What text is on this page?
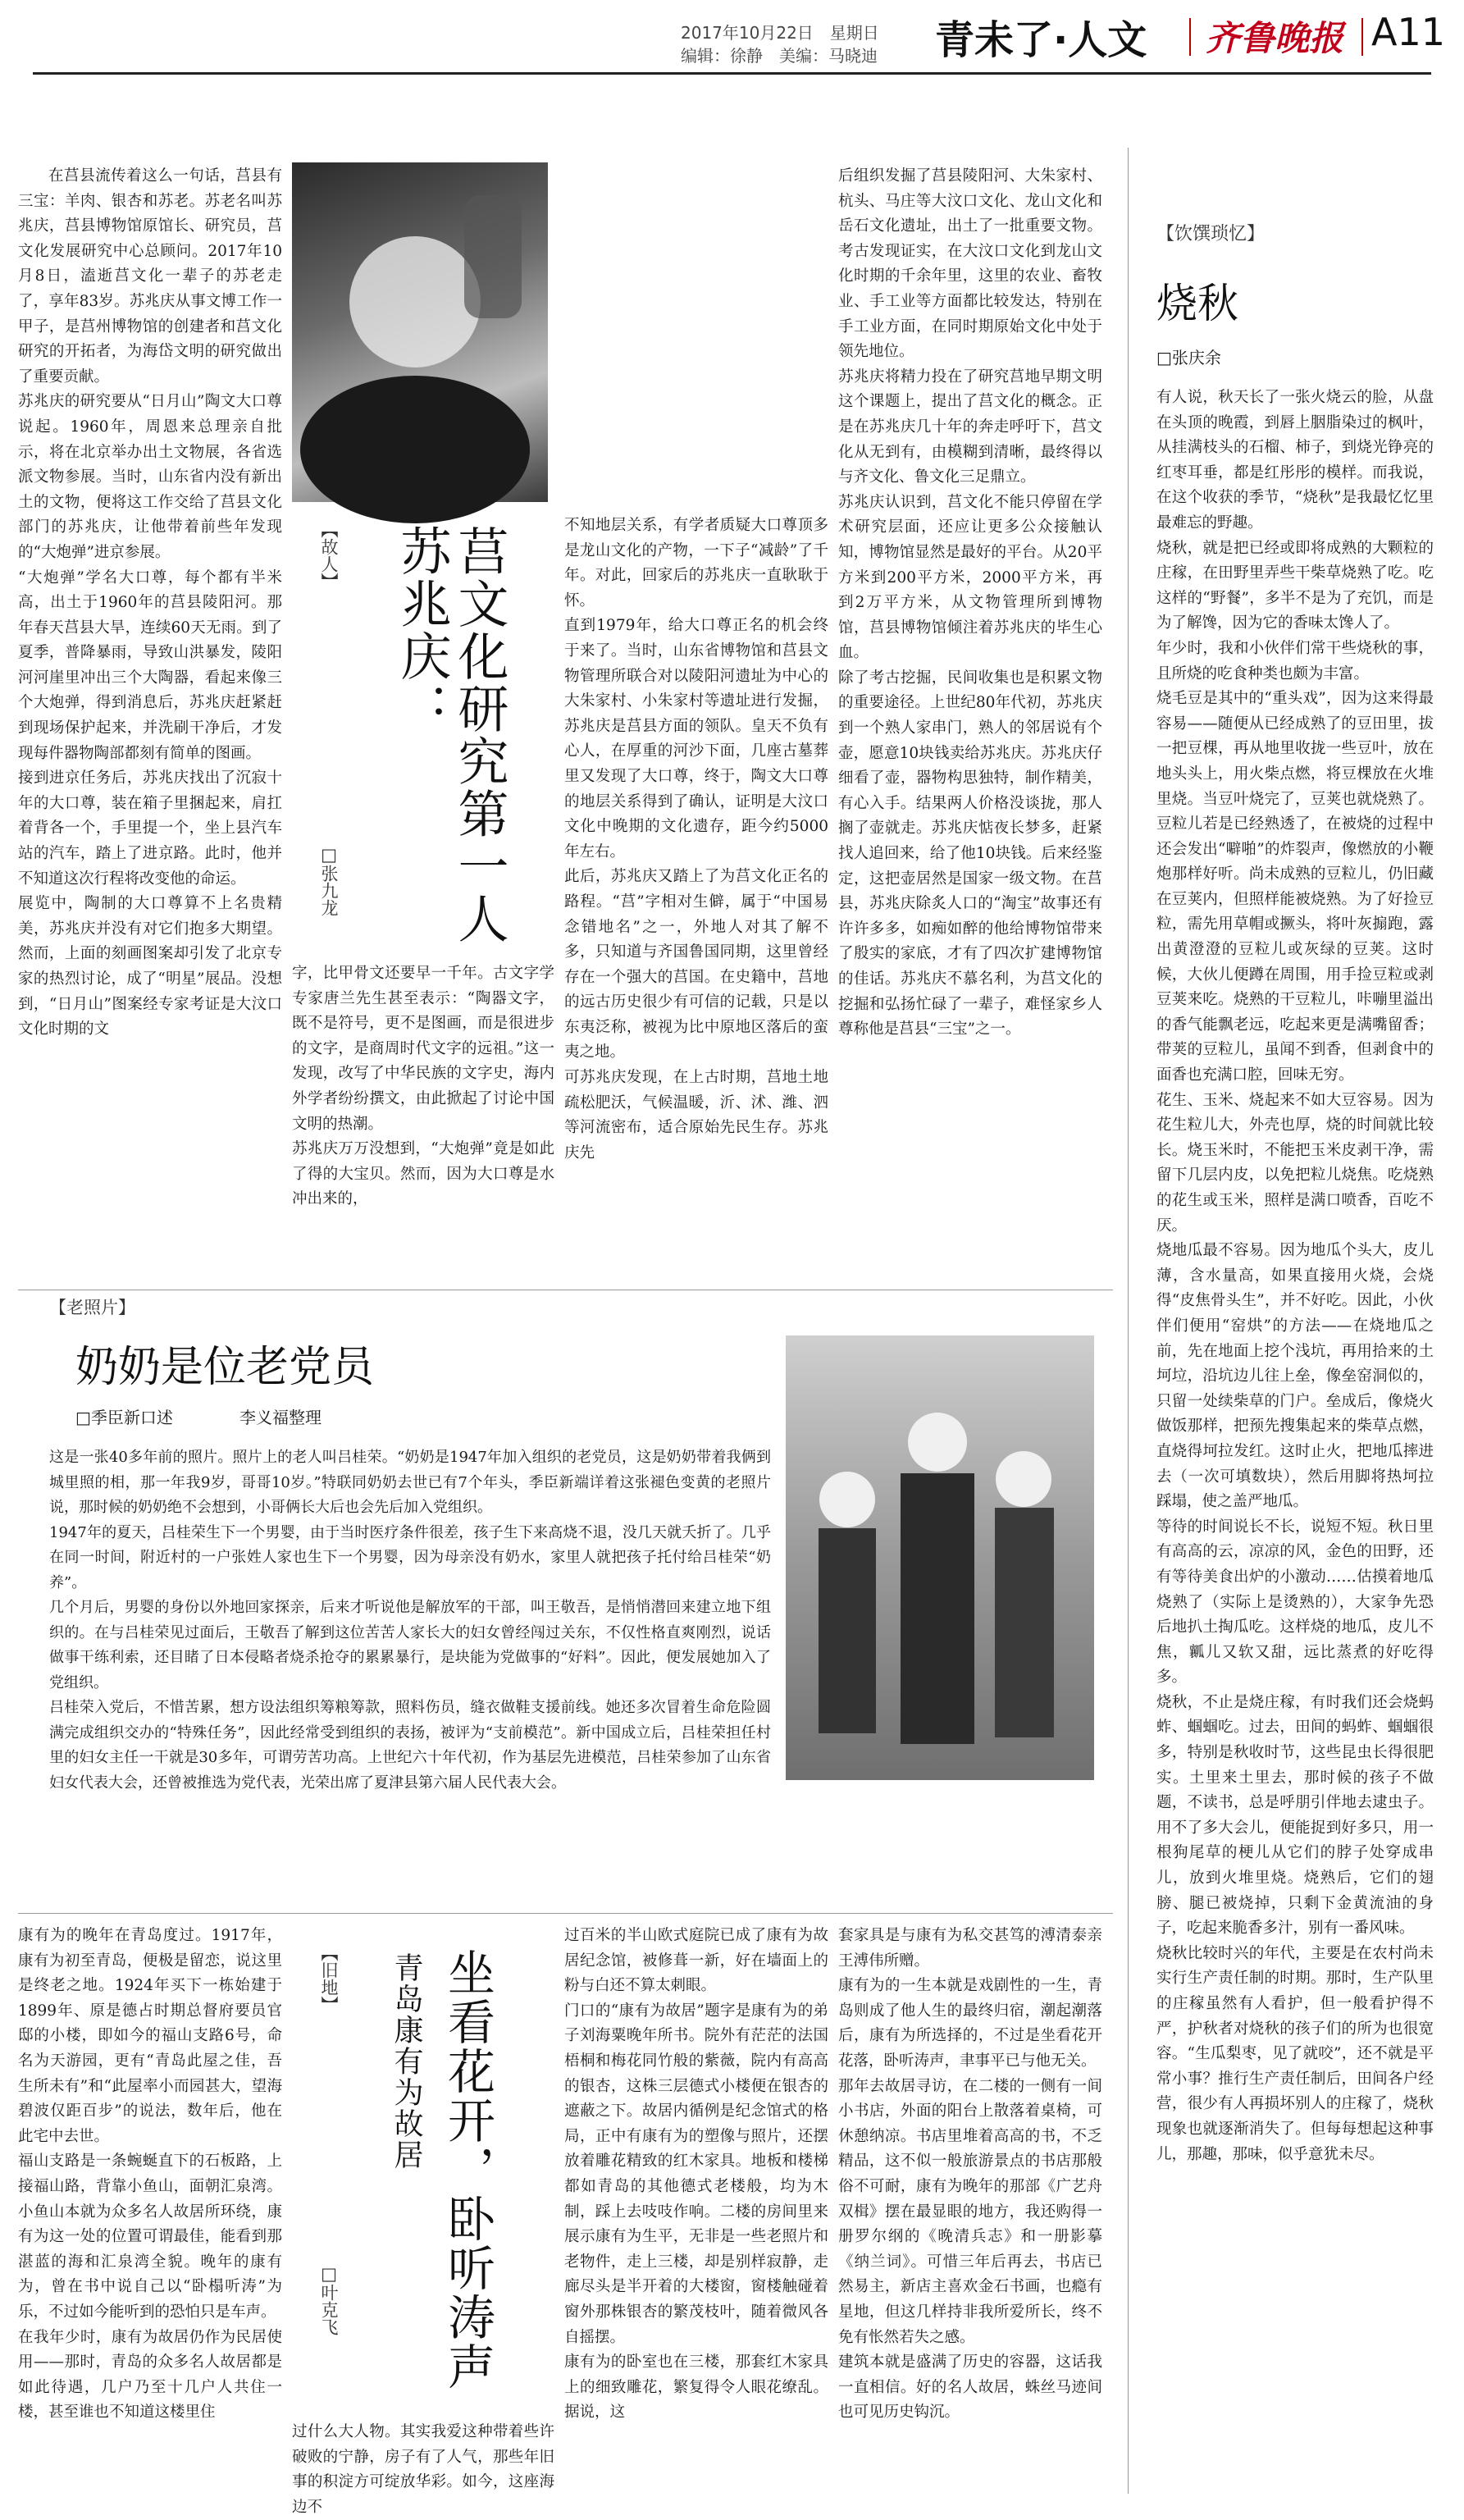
2017年10月22日　星期日
编辑：徐静　美编：马晓迪 青未了·人文 齐鲁晚报 A11
在莒县流传着这么一句话，莒县有三宝：羊肉、银杏和苏老。苏老名叫苏兆庆，莒县博物馆原馆长、研究员，莒文化发展研究中心总顾问。2017年10月8日，溘逝莒文化一辈子的苏老走了，享年83岁。苏兆庆从事文博工作一甲子，是莒州博物馆的创建者和莒文化研究的开拓者，为海岱文明的研究做出了重要贡献。
苏兆庆的研究要从“日月山”陶文大口尊说起。1960年，周恩来总理亲自批示，将在北京举办出土文物展，各省选派文物参展。当时，山东省内没有新出土的文物，便将这工作交给了莒县文化部门的苏兆庆，让他带着前些年发现的“大炮弹”进京参展。
“大炮弹”学名大口尊，每个都有半米高，出土于1960年的莒县陵阳河。那年春天莒县大旱，连续60天无雨。到了夏季，普降暴雨，导致山洪暴发，陵阳河河崖里冲出三个大陶器，看起来像三个大炮弹，得到消息后，苏兆庆赶紧赶到现场保护起来，并洗刷干净后，才发现每件器物陶部都刻有简单的图画。
接到进京任务后，苏兆庆找出了沉寂十年的大口尊，装在箱子里捆起来，肩扛着背各一个，手里提一个，坐上县汽车站的汽车，踏上了进京路。此时，他并不知道这次行程将改变他的命运。
展览中，陶制的大口尊算不上名贵精美，苏兆庆并没有对它们抱多大期望。然而，上面的刻画图案却引发了北京专家的热烈讨论，成了“明星”展品。没想到，“日月山”图案经专家考证是大汶口文化时期的文
【故人】 莒文化研究第一人
苏兆庆：
□张九龙
字，比甲骨文还要早一千年。古文字学专家唐兰先生甚至表示：“陶器文字，既不是符号，更不是图画，而是很进步的文字，是商周时代文字的远祖。”这一发现，改写了中华民族的文字史，海内外学者纷纷撰文，由此掀起了讨论中国文明的热潮。
苏兆庆万万没想到，“大炮弹”竟是如此了得的大宝贝。然而，因为大口尊是水冲出来的，
不知地层关系，有学者质疑大口尊顶多是龙山文化的产物，一下子“减龄”了千年。对此，回家后的苏兆庆一直耿耿于怀。
直到1979年，给大口尊正名的机会终于来了。当时，山东省博物馆和莒县文物管理所联合对以陵阳河遗址为中心的大朱家村、小朱家村等遗址进行发掘，苏兆庆是莒县方面的领队。皇天不负有心人，在厚重的河沙下面，几座古墓葬里又发现了大口尊，终于，陶文大口尊的地层关系得到了确认，证明是大汶口文化中晚期的文化遗存，距今约5000年左右。
此后，苏兆庆又踏上了为莒文化正名的路程。“莒”字相对生僻，属于“中国易念错地名”之一，外地人对其了解不多，只知道与齐国鲁国同期，这里曾经存在一个强大的莒国。在史籍中，莒地的远古历史很少有可信的记载，只是以东夷泛称，被视为比中原地区落后的蛮夷之地。
可苏兆庆发现，在上古时期，莒地土地疏松肥沃，气候温暖，沂、沭、潍、泗等河流密布，适合原始先民生存。苏兆庆先
后组织发掘了莒县陵阳河、大朱家村、杭头、马庄等大汶口文化、龙山文化和岳石文化遗址，出土了一批重要文物。考古发现证实，在大汶口文化到龙山文化时期的千余年里，这里的农业、畜牧业、手工业等方面都比较发达，特别在手工业方面，在同时期原始文化中处于领先地位。
苏兆庆将精力投在了研究莒地早期文明这个课题上，提出了莒文化的概念。正是在苏兆庆几十年的奔走呼吁下，莒文化从无到有，由模糊到清晰，最终得以与齐文化、鲁文化三足鼎立。
苏兆庆认识到，莒文化不能只停留在学术研究层面，还应让更多公众接触认知，博物馆显然是最好的平台。从20平方米到200平方米，2000平方米，再到2万平方米，从文物管理所到博物馆，莒县博物馆倾注着苏兆庆的毕生心血。
除了考古挖掘，民间收集也是积累文物的重要途径。上世纪80年代初，苏兆庆到一个熟人家串门，熟人的邻居说有个壶，愿意10块钱卖给苏兆庆。苏兆庆仔细看了壶，器物构思独特，制作精美，有心入手。结果两人价格没谈拢，那人搁了壶就走。苏兆庆惦夜长梦多，赶紧找人追回来，给了他10块钱。后来经鉴定，这把壶居然是国家一级文物。在莒县，苏兆庆除炙人口的“淘宝”故事还有许许多多，如痴如醉的他给博物馆带来了殷实的家底，才有了四次扩建博物馆的佳话。苏兆庆不慕名利，为莒文化的挖掘和弘扬忙碌了一辈子，难怪家乡人尊称他是莒县“三宝”之一。
【老照片】
奶奶是位老党员
□季臣新口述	李义福整理
这是一张40多年前的照片。照片上的老人叫吕桂荣。“奶奶是1947年加入组织的老党员，这是奶奶带着我俩到城里照的相，那一年我9岁，哥哥10岁。”特联同奶奶去世已有7个年头，季臣新端详着这张褪色变黄的老照片说，那时候的奶奶绝不会想到，小哥俩长大后也会先后加入党组织。
1947年的夏天，吕桂荣生下一个男婴，由于当时医疗条件很差，孩子生下来高烧不退，没几天就夭折了。几乎在同一时间，附近村的一户张姓人家也生下一个男婴，因为母亲没有奶水，家里人就把孩子托付给吕桂荣“奶养”。
几个月后，男婴的身份以外地回家探亲，后来才听说他是解放军的干部，叫王敬吾，是悄悄潜回来建立地下组织的。在与吕桂荣见过面后，王敬吾了解到这位苦苦人家长大的妇女曾经闯过关东，不仅性格直爽刚烈，说话做事干练利索，还目睹了日本侵略者烧杀抢夺的累累暴行，是块能为党做事的“好料”。因此，便发展她加入了党组织。
吕桂荣入党后，不惜苦累，想方设法组织筹粮筹款，照料伤员，缝衣做鞋支援前线。她还多次冒着生命危险圆满完成组织交办的“特殊任务”，因此经常受到组织的表扬，被评为“支前模范”。新中国成立后，吕桂荣担任村里的妇女主任一干就是30多年，可谓劳苦功高。上世纪六十年代初，作为基层先进模范，吕桂荣参加了山东省妇女代表大会，还曾被推选为党代表，光荣出席了夏津县第六届人民代表大会。
康有为的晚年在青岛度过。1917年，康有为初至青岛，便极是留恋，说这里是终老之地。1924年买下一栋始建于1899年、原是德占时期总督府要员官邸的小楼，即如今的福山支路6号，命名为天游园，更有“青岛此屋之佳，吾生所未有”和“此屋率小而园甚大，望海碧波仅距百步”的说法，数年后，他在此宅中去世。
福山支路是一条蜿蜒直下的石板路，上接福山路，背靠小鱼山，面朝汇泉湾。小鱼山本就为众多名人故居所环绕，康有为这一处的位置可谓最佳，能看到那湛蓝的海和汇泉湾全貌。晚年的康有为，曾在书中说自己以“卧榻听涛”为乐，不过如今能听到的恐怕只是车声。
在我年少时，康有为故居仍作为民居使用——那时，青岛的众多名人故居都是如此待遇，几户乃至十几户人共住一楼，甚至谁也不知道这楼里住
【旧地】 坐看花开，卧听涛声
青岛康有为故居
□叶克飞
过什么大人物。其实我爱这种带着些许破败的宁静，房子有了人气，那些年旧事的积淀方可绽放华彩。如今，这座海边不
过百米的半山欧式庭院已成了康有为故居纪念馆，被修葺一新，好在墙面上的粉与白还不算太刺眼。
门口的“康有为故居”题字是康有为的弟子刘海粟晚年所书。院外有茫茫的法国梧桐和梅花同竹般的紫薇，院内有高高的银杏，这株三层德式小楼便在银杏的遮蔽之下。故居内循例是纪念馆式的格局，正中有康有为的塑像与照片，还摆放着雕花精致的红木家具。地板和楼梯都如青岛的其他德式老楼般，均为木制，踩上去吱吱作响。二楼的房间里来展示康有为生平，无非是一些老照片和老物件，走上三楼，却是别样寂静，走廊尽头是半开着的大楼窗，窗楼触碰着窗外那株银杏的繁茂枝叶，随着微风各自摇摆。
康有为的卧室也在三楼，那套红木家具上的细致雕花，繁复得令人眼花缭乱。据说，这
套家具是与康有为私交甚笃的溥清泰亲王溥伟所赠。
康有为的一生本就是戏剧性的一生，青岛则成了他人生的最终归宿，潮起潮落后，康有为所选择的，不过是坐看花开花落，卧听涛声，聿事平已与他无关。
那年去故居寻访，在二楼的一侧有一间小书店，外面的阳台上散落着桌椅，可休憩纳凉。书店里堆着高高的书，不乏精品，这不似一般旅游景点的书店那般俗不可耐，康有为晚年的那部《广艺舟双楫》摆在最显眼的地方，我还购得一册罗尔纲的《晚清兵志》和一册影摹《纳兰词》。可惜三年后再去，书店已然易主，新店主喜欢金石书画，也瘾有星地，但这几样持非我所爱所长，终不免有怅然若失之感。
建筑本就是盛满了历史的容器，这话我一直相信。好的名人故居，蛛丝马迹间也可见历史钩沉。
【饮馔琐忆】
烧秋
□张庆余
有人说，秋天长了一张火烧云的脸，从盘在头顶的晚霞，到唇上胭脂染过的枫叶，从挂满枝头的石榴、柿子，到烧光铮亮的红枣耳垂，都是红彤彤的模样。而我说，在这个收获的季节，“烧秋”是我最忆忆里最难忘的野趣。
烧秋，就是把已经或即将成熟的大颗粒的庄稼，在田野里弄些干柴草烧熟了吃。吃这样的“野餐”，多半不是为了充饥，而是为了解馋，因为它的香味太馋人了。
年少时，我和小伙伴们常干些烧秋的事，且所烧的吃食种类也颇为丰富。
烧毛豆是其中的“重头戏”，因为这来得最容易——随便从已经成熟了的豆田里，拔一把豆棵，再从地里收拢一些豆叶，放在地头头上，用火柴点燃，将豆棵放在火堆里烧。当豆叶烧完了，豆荚也就烧熟了。豆粒儿若是已经熟透了，在被烧的过程中还会发出“噼啪”的炸裂声，像燃放的小鞭炮那样好听。尚未成熟的豆粒儿，仍旧藏在豆荚内，但照样能被烧熟。为了好捡豆粒，需先用草帽或撅头，将叶灰搧跑，露出黄澄澄的豆粒儿或灰绿的豆荚。这时候，大伙儿便蹲在周围，用手捡豆粒或剥豆荚来吃。烧熟的干豆粒儿，咔嘣里溢出的香气能飘老远，吃起来更是满嘴留香；带荚的豆粒儿，虽闻不到香，但剥食中的面香也充满口腔，回味无穷。
花生、玉米、烧起来不如大豆容易。因为花生粒儿大，外壳也厚，烧的时间就比较长。烧玉米时，不能把玉米皮剥干净，需留下几层内皮，以免把粒儿烧焦。吃烧熟的花生或玉米，照样是满口喷香，百吃不厌。
烧地瓜最不容易。因为地瓜个头大，皮儿薄，含水量高，如果直接用火烧，会烧得“皮焦骨头生”，并不好吃。因此，小伙伴们便用“窑烘”的方法——在烧地瓜之前，先在地面上挖个浅坑，再用拾来的土坷垃，沿坑边儿往上垒，像垒窑洞似的，只留一处续柴草的门户。垒成后，像烧火做饭那样，把预先搜集起来的柴草点燃，直烧得坷拉发红。这时止火，把地瓜摔进去（一次可填数块），然后用脚将热坷拉踩塌，使之盖严地瓜。
等待的时间说长不长，说短不短。秋日里有高高的云，凉凉的风，金色的田野，还有等待美食出炉的小激动……估摸着地瓜烧熟了（实际上是烫熟的），大家争先恐后地扒土掏瓜吃。这样烧的地瓜，皮儿不焦，瓤儿又软又甜，远比蒸煮的好吃得多。
烧秋，不止是烧庄稼，有时我们还会烧蚂蚱、蝈蝈吃。过去，田间的蚂蚱、蝈蝈很多，特别是秋收时节，这些昆虫长得很肥实。土里来土里去，那时候的孩子不做题，不读书，总是呼朋引伴地去逮虫子。用不了多大会儿，便能捉到好多只，用一根狗尾草的梗儿从它们的脖子处穿成串儿，放到火堆里烧。烧熟后，它们的翅膀、腿已被烧掉，只剩下金黄流油的身子，吃起来脆香多汁，别有一番风味。
烧秋比较时兴的年代，主要是在农村尚未实行生产责任制的时期。那时，生产队里的庄稼虽然有人看护，但一般看护得不严，护秋者对烧秋的孩子们的所为也很宽容。“生瓜梨枣，见了就咬”，还不就是平常小事？推行生产责任制后，田间各户经营，很少有人再损坏别人的庄稼了，烧秋现象也就逐渐消失了。但每每想起这种事儿，那趣，那味，似乎意犹未尽。
